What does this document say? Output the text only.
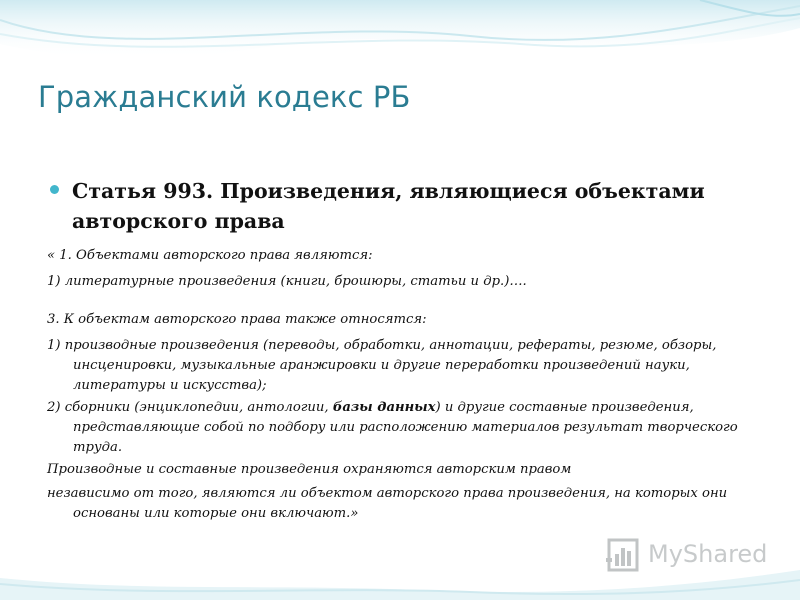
Гражданский кодекс РБ
Статья 993. Произведения, являющиеся объектами авторского права

« 1. Объектами авторского права являются:

1) литературные произведения (книги, брошюры, статьи и др.)….

3. К объектам авторского права также относятся:

1) производные произведения (переводы, обработки, аннотации, рефераты, резюме, обзоры, инсценировки, музыкальные аранжировки и другие переработки произведений науки, литературы и искусства);

2) сборники (энциклопедии, антологии, базы данных) и другие составные произведения, представляющие собой по подбору или расположению материалов результат творческого труда.

Производные и составные произведения охраняются авторским правом

независимо от того, являются ли объектом авторского права произведения, на которых они основаны или которые они включают.»

MyShared
